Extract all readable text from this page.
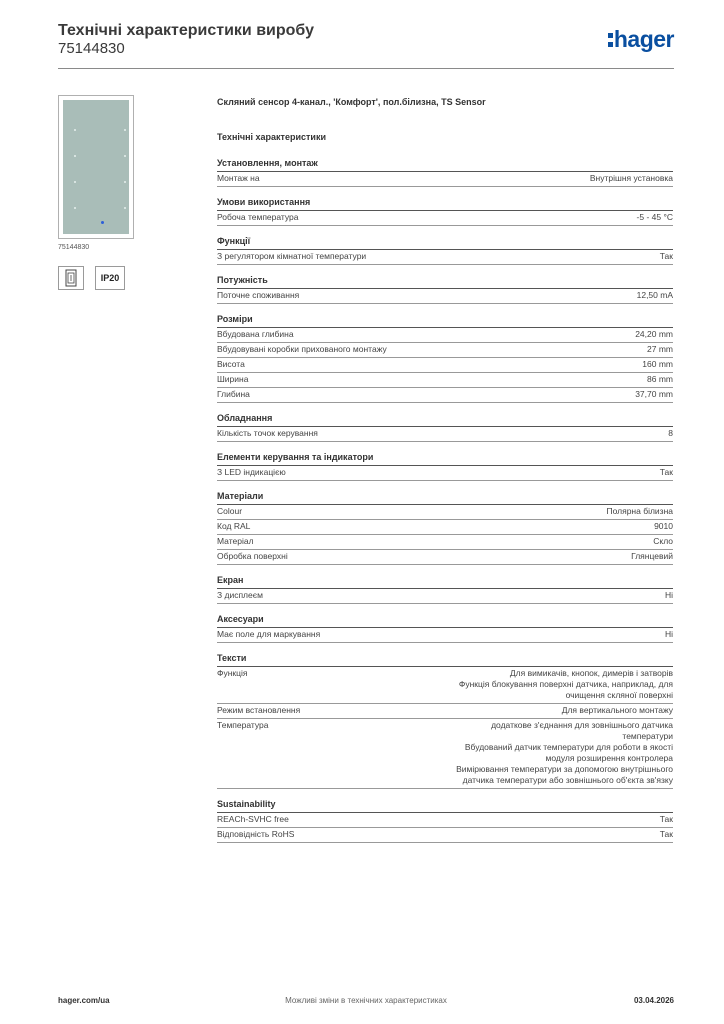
Технічні характеристики виробу
75144830	hager
75144830
IP20
Скляний сенсор 4-канал., 'Комфорт', пол.білизна, TS Sensor
Технічні характеристики
Установлення, монтаж
Монтаж на	Внутрішня установка
Умови використання
Робоча температура	-5 - 45 °C
Функції
З регулятором кімнатної температури	Так
Потужність
Поточне споживання	12,50 mA
Розміри
Вбудована глибина	24,20 mm
Вбудовувані коробки прихованого монтажу	27 mm
Висота	160 mm
Ширина	86 mm
Глибина	37,70 mm
Обладнання
Кількість точок керування	8
Елементи керування та індикатори
З LED індикацією	Так
Матеріали
Colour	Полярна білизна
Код RAL	9010
Матеріал	Скло
Обробка поверхні	Глянцевий
Екран
З дисплеєм	Ні
Аксесуари
Має поле для маркування	Ні
Тексти
Функція	Для вимикачів, кнопок, димерів і затворів
Функція блокування поверхні датчика, наприклад, для
очищення скляної поверхні
Режим встановлення	Для вертикального монтажу
Температура	додаткове з'єднання для зовнішнього датчика
температури
Вбудований датчик температури для роботи в якості
модуля розширення контролера
Вимірювання температури за допомогою внутрішнього
датчика температури або зовнішнього об'єкта зв'язку
Sustainability
REACh-SVHC free	Так
Відповідність RoHS	Так
hager.com/ua	Можливі зміни в технічних характеристиках	03.04.2026
